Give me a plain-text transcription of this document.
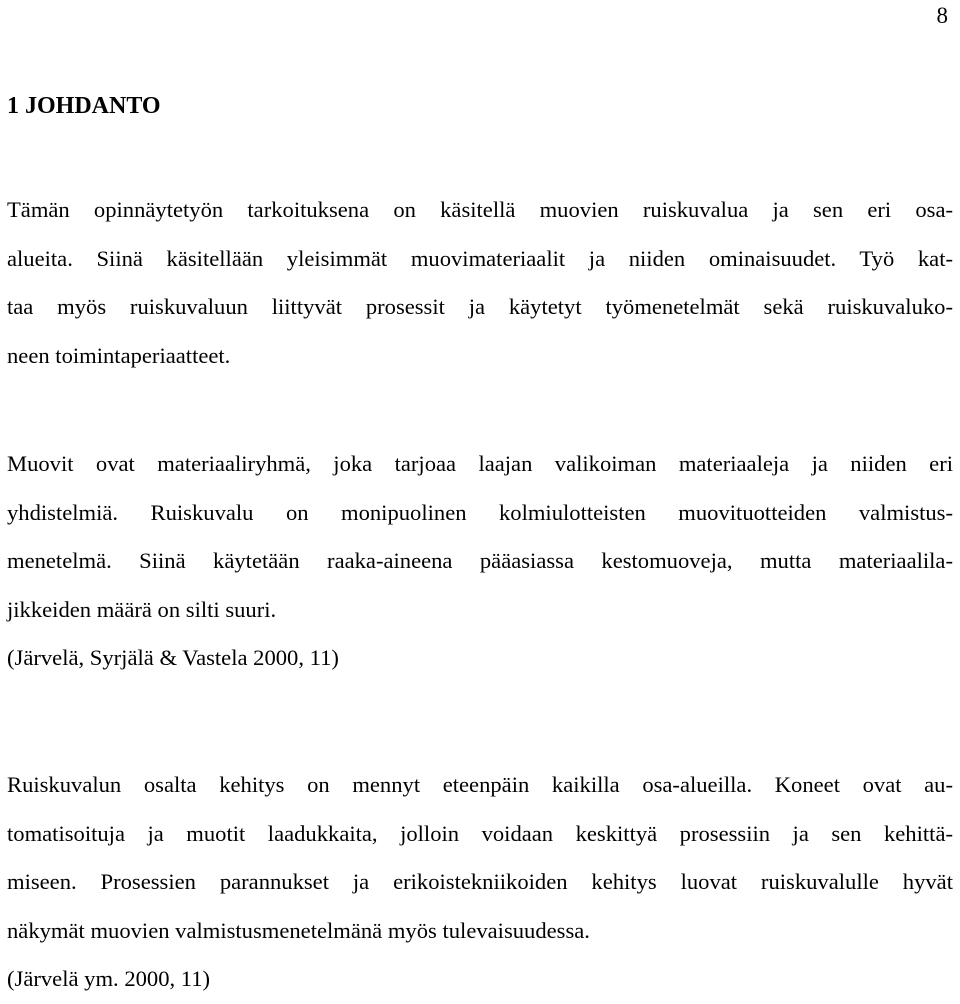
8
1 JOHDANTO
Tämän opinnäytetyön tarkoituksena on käsitellä muovien ruiskuvalua ja sen eri osa-
alueita. Siinä käsitellään yleisimmät muovimateriaalit ja niiden ominaisuudet. Työ kat-
taa myös ruiskuvaluun liittyvät prosessit ja käytetyt työmenetelmät sekä ruiskuvaluko-
neen toimintaperiaatteet.
Muovit ovat materiaaliryhmä, joka tarjoaa laajan valikoiman materiaaleja ja niiden eri
yhdistelmiä. Ruiskuvalu on monipuolinen kolmiulotteisten muovituotteiden valmistus-
menetelmä. Siinä käytetään raaka-aineena pääasiassa kestomuoveja, mutta materiaalila-
jikkeiden määrä on silti suuri.
(Järvelä, Syrjälä & Vastela 2000, 11)
Ruiskuvalun osalta kehitys on mennyt eteenpäin kaikilla osa-alueilla. Koneet ovat au-
tomatisoituja ja muotit laadukkaita, jolloin voidaan keskittyä prosessiin ja sen kehittä-
miseen. Prosessien parannukset ja erikoistekniikoiden kehitys luovat ruiskuvalulle hyvät
näkymät muovien valmistusmenetelmänä myös tulevaisuudessa.
(Järvelä ym. 2000, 11)
